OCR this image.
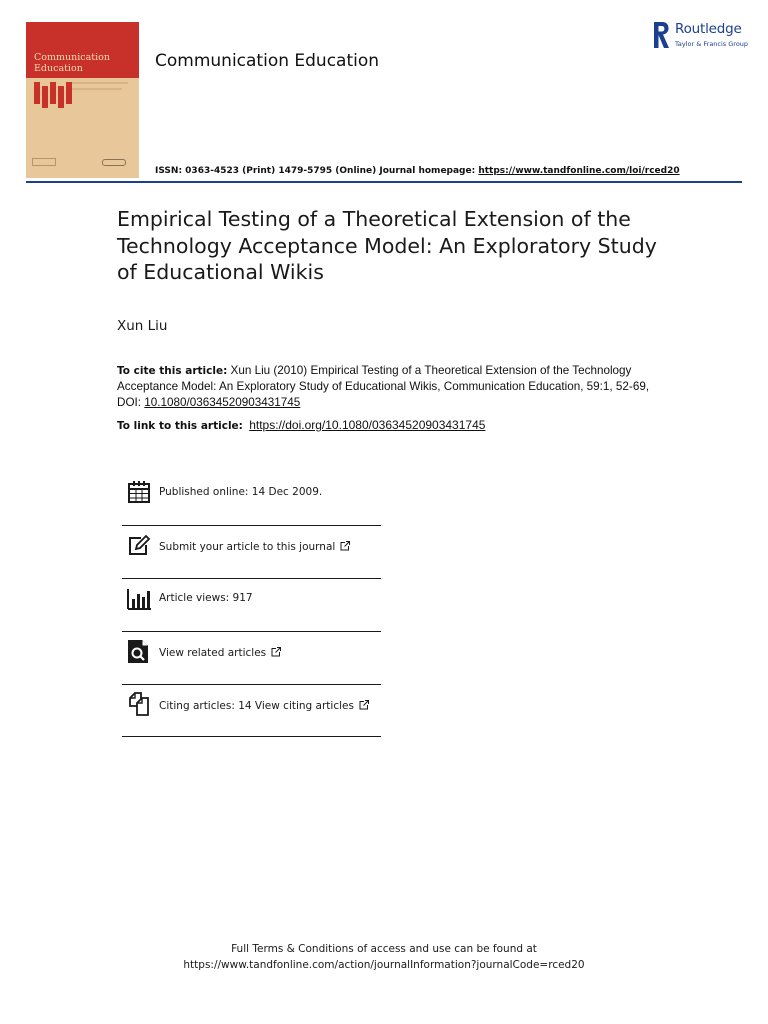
Communication
Education	Communication Education
Routledge
Taylor & Francis Group
ISSN: 0363-4523 (Print) 1479-5795 (Online) Journal homepage: https://www.tandfonline.com/loi/rced20
Empirical Testing of a Theoretical Extension of the Technology Acceptance Model: An Exploratory Study of Educational Wikis
Xun Liu
To cite this article: Xun Liu (2010) Empirical Testing of a Theoretical Extension of the Technology Acceptance Model: An Exploratory Study of Educational Wikis, Communication Education, 59:1, 52-69, DOI: 10.1080/03634520903431745
To link to this article: https://doi.org/10.1080/03634520903431745
Published online: 14 Dec 2009.
Submit your article to this journal
Article views: 917
View related articles
Citing articles: 14 View citing articles
Full Terms & Conditions of access and use can be found at
https://www.tandfonline.com/action/journalInformation?journalCode=rced20
